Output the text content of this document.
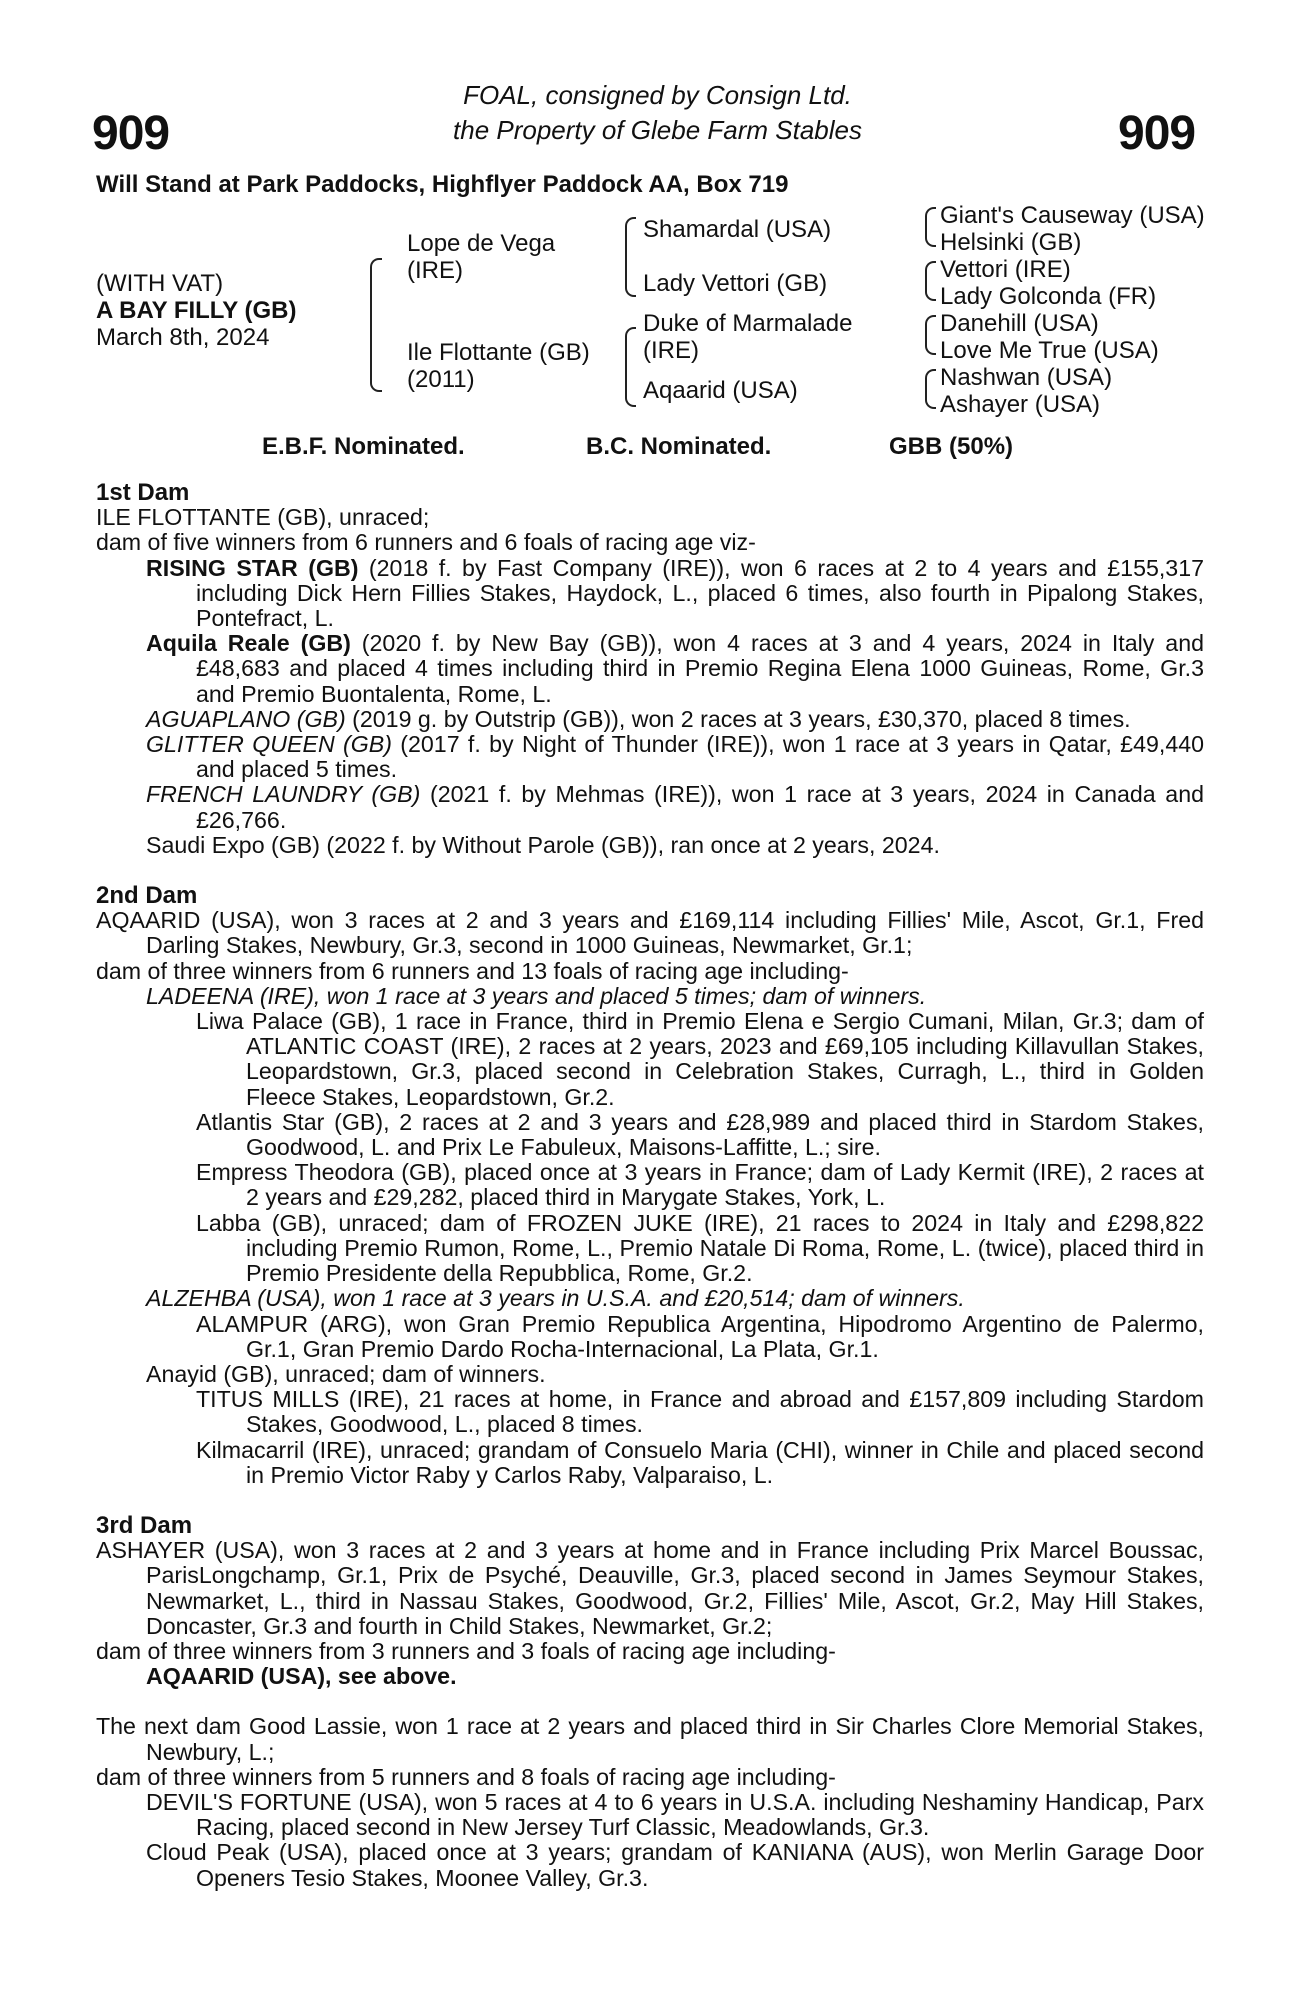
909	909
FOAL, consigned by Consign Ltd.
the Property of Glebe Farm Stables
Will Stand at Park Paddocks, Highflyer Paddock AA, Box 719
(WITH VAT)
A BAY FILLY (GB)
March 8th, 2024
Lope de Vega
(IRE)
Ile Flottante (GB)
(2011)
Shamardal (USA)
Lady Vettori (GB)
Duke of Marmalade
(IRE)
Aqaarid (USA)
Giant's Causeway (USA)
Helsinki (GB)
Vettori (IRE)
Lady Golconda (FR)
Danehill (USA)
Love Me True (USA)
Nashwan (USA)
Ashayer (USA)
E.B.F. Nominated.	B.C. Nominated.	GBB (50%)

1st Dam

ILE FLOTTANTE (GB), unraced;

dam of five winners from 6 runners and 6 foals of racing age viz-

RISING STAR (GB) (2018 f. by Fast Company (IRE)), won 6 races at 2 to 4 years and £155,317 including Dick Hern Fillies Stakes, Haydock, L., placed 6 times, also fourth in Pipalong Stakes, Pontefract, L.

Aquila Reale (GB) (2020 f. by New Bay (GB)), won 4 races at 3 and 4 years, 2024 in Italy and £48,683 and placed 4 times including third in Premio Regina Elena 1000 Guineas, Rome, Gr.3 and Premio Buontalenta, Rome, L.

AGUAPLANO (GB) (2019 g. by Outstrip (GB)), won 2 races at 3 years, £30,370, placed 8 times.

GLITTER QUEEN (GB) (2017 f. by Night of Thunder (IRE)), won 1 race at 3 years in Qatar, £49,440 and placed 5 times.

FRENCH LAUNDRY (GB) (2021 f. by Mehmas (IRE)), won 1 race at 3 years, 2024 in Canada and £26,766.

Saudi Expo (GB) (2022 f. by Without Parole (GB)), ran once at 2 years, 2024.

2nd Dam

AQAARID (USA), won 3 races at 2 and 3 years and £169,114 including Fillies' Mile, Ascot, Gr.1, Fred Darling Stakes, Newbury, Gr.3, second in 1000 Guineas, Newmarket, Gr.1;

dam of three winners from 6 runners and 13 foals of racing age including-

LADEENA (IRE), won 1 race at 3 years and placed 5 times; dam of winners.

Liwa Palace (GB), 1 race in France, third in Premio Elena e Sergio Cumani, Milan, Gr.3; dam of ATLANTIC COAST (IRE), 2 races at 2 years, 2023 and £69,105 including Killavullan Stakes, Leopardstown, Gr.3, placed second in Celebration Stakes, Curragh, L., third in Golden Fleece Stakes, Leopardstown, Gr.2.

Atlantis Star (GB), 2 races at 2 and 3 years and £28,989 and placed third in Stardom Stakes, Goodwood, L. and Prix Le Fabuleux, Maisons-Laffitte, L.; sire.

Empress Theodora (GB), placed once at 3 years in France; dam of Lady Kermit (IRE), 2 races at 2 years and £29,282, placed third in Marygate Stakes, York, L.

Labba (GB), unraced; dam of FROZEN JUKE (IRE), 21 races to 2024 in Italy and £298,822 including Premio Rumon, Rome, L., Premio Natale Di Roma, Rome, L. (twice), placed third in Premio Presidente della Repubblica, Rome, Gr.2.

ALZEHBA (USA), won 1 race at 3 years in U.S.A. and £20,514; dam of winners.

ALAMPUR (ARG), won Gran Premio Republica Argentina, Hipodromo Argentino de Palermo, Gr.1, Gran Premio Dardo Rocha-Internacional, La Plata, Gr.1.

Anayid (GB), unraced; dam of winners.

TITUS MILLS (IRE), 21 races at home, in France and abroad and £157,809 including Stardom Stakes, Goodwood, L., placed 8 times.

Kilmacarril (IRE), unraced; grandam of Consuelo Maria (CHI), winner in Chile and placed second in Premio Victor Raby y Carlos Raby, Valparaiso, L.

3rd Dam

ASHAYER (USA), won 3 races at 2 and 3 years at home and in France including Prix Marcel Boussac, ParisLongchamp, Gr.1, Prix de Psyché, Deauville, Gr.3, placed second in James Seymour Stakes, Newmarket, L., third in Nassau Stakes, Goodwood, Gr.2, Fillies' Mile, Ascot, Gr.2, May Hill Stakes, Doncaster, Gr.3 and fourth in Child Stakes, Newmarket, Gr.2;

dam of three winners from 3 runners and 3 foals of racing age including-

AQAARID (USA), see above.

The next dam Good Lassie, won 1 race at 2 years and placed third in Sir Charles Clore Memorial Stakes, Newbury, L.;

dam of three winners from 5 runners and 8 foals of racing age including-

DEVIL'S FORTUNE (USA), won 5 races at 4 to 6 years in U.S.A. including Neshaminy Handicap, Parx Racing, placed second in New Jersey Turf Classic, Meadowlands, Gr.3.

Cloud Peak (USA), placed once at 3 years; grandam of KANIANA (AUS), won Merlin Garage Door Openers Tesio Stakes, Moonee Valley, Gr.3.
